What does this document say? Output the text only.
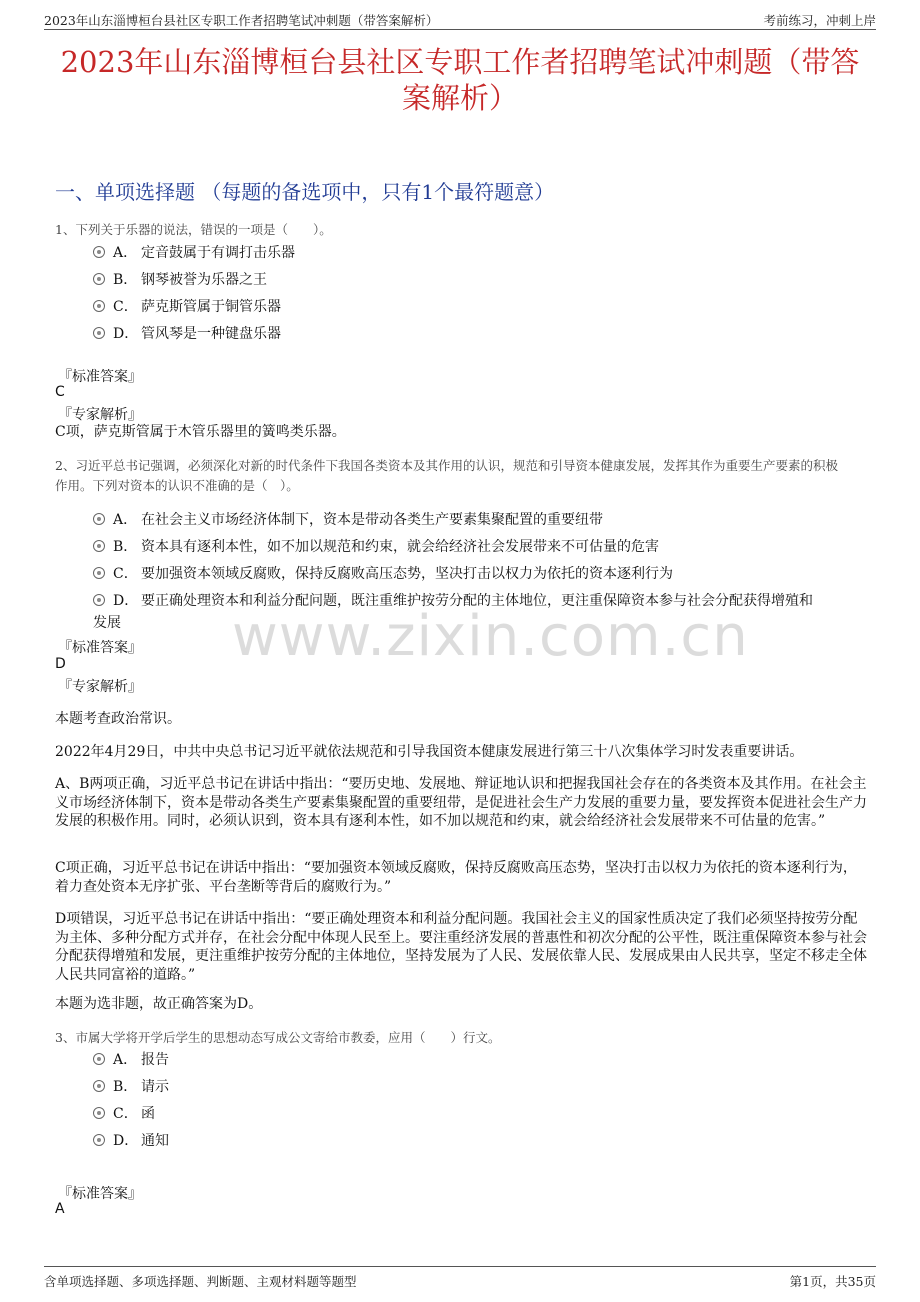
2023年山东淄博桓台县社区专职工作者招聘笔试冲刺题（带答案解析）	考前练习，冲刺上岸
2023年山东淄博桓台县社区专职工作者招聘笔试冲刺题（带答
案解析）
一、单项选择题 （每题的备选项中，只有1个最符题意）
1、下列关于乐器的说法，错误的一项是（　　）。
A． 定音鼓属于有调打击乐器
B． 钢琴被誉为乐器之王
C． 萨克斯管属于铜管乐器
D． 管风琴是一种键盘乐器
『标准答案』
C
『专家解析』
C项，萨克斯管属于木管乐器里的簧鸣类乐器。
2、习近平总书记强调，必须深化对新的时代条件下我国各类资本及其作用的认识，规范和引导资本健康发展，发挥其作为重要生产要素的积极
作用。下列对资本的认识不准确的是（　）。
A． 在社会主义市场经济体制下，资本是带动各类生产要素集聚配置的重要纽带
B． 资本具有逐利本性，如不加以规范和约束，就会给经济社会发展带来不可估量的危害
C． 要加强资本领域反腐败，保持反腐败高压态势，坚决打击以权力为依托的资本逐利行为
D． 要正确处理资本和利益分配问题，既注重维护按劳分配的主体地位，更注重保障资本参与社会分配获得增殖和
发展 www.zixin.com.cn
『标准答案』
D
『专家解析』
本题考查政治常识。
2022年4月29日，中共中央总书记习近平就依法规范和引导我国资本健康发展进行第三十八次集体学习时发表重要讲话。
A、B两项正确，习近平总书记在讲话中指出：“要历史地、发展地、辩证地认识和把握我国社会存在的各类资本及其作用。在社会主义市场经济体制下，资本是带动各类生产要素集聚配置的重要纽带，是促进社会生产力发展的重要力量，要发挥资本促进社会生产力发展的积极作用。同时，必须认识到，资本具有逐利本性，如不加以规范和约束，就会给经济社会发展带来不可估量的危害。”
C项正确，习近平总书记在讲话中指出：“要加强资本领域反腐败，保持反腐败高压态势，坚决打击以权力为依托的资本逐利行为，着力查处资本无序扩张、平台垄断等背后的腐败行为。”
D项错误，习近平总书记在讲话中指出：“要正确处理资本和利益分配问题。我国社会主义的国家性质决定了我们必须坚持按劳分配为主体、多种分配方式并存，在社会分配中体现人民至上。要注重经济发展的普惠性和初次分配的公平性，既注重保障资本参与社会分配获得增殖和发展，更注重维护按劳分配的主体地位，坚持发展为了人民、发展依靠人民、发展成果由人民共享，坚定不移走全体人民共同富裕的道路。”
本题为选非题，故正确答案为D。
3、市属大学将开学后学生的思想动态写成公文寄给市教委，应用（　　）行文。
A． 报告
B． 请示
C． 函
D． 通知
『标准答案』
A
含单项选择题、多项选择题、判断题、主观材料题等题型	第1页，共35页
